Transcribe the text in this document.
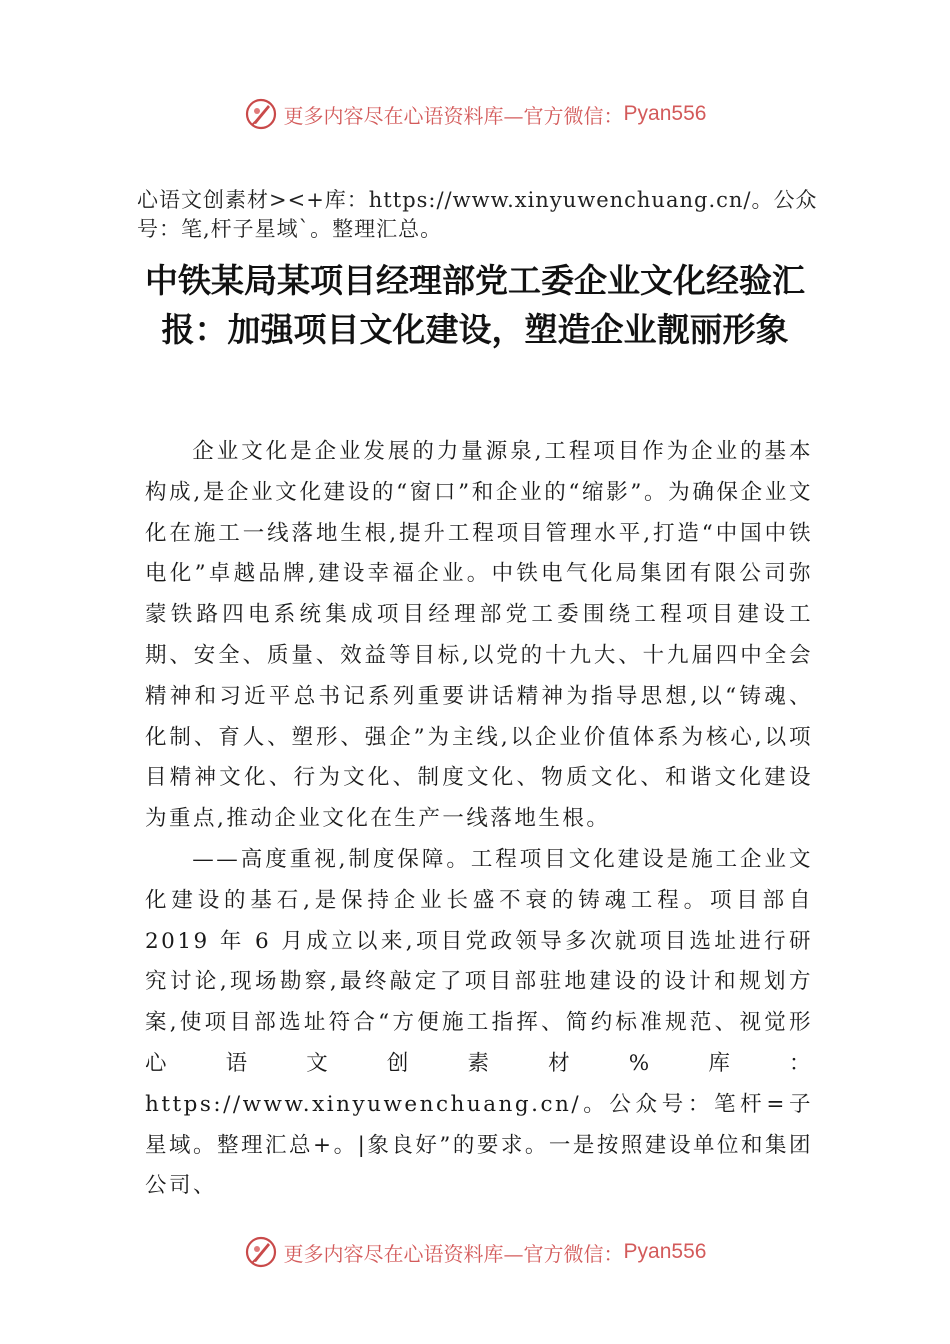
更多内容尽在心语资料库—官方微信： Pyan556
心语文创素材><+库：https://www.xinyuwenchuang.cn/。公众号：笔,杆子星域`。整理汇总。
中铁某局某项目经理部党工委企业文化经验汇报：加强项目文化建设，塑造企业靓丽形象

企业文化是企业发展的力量源泉,工程项目作为企业的基本构成,是企业文化建设的“窗口”和企业的“缩影”。为确保企业文化在施工一线落地生根,提升工程项目管理水平,打造“中国中铁电化”卓越品牌,建设幸福企业。中铁电气化局集团有限公司弥蒙铁路四电系统集成项目经理部党工委围绕工程项目建设工期、安全、质量、效益等目标,以党的十九大、十九届四中全会精神和习近平总书记系列重要讲话精神为指导思想,以“铸魂、化制、育人、塑形、强企”为主线,以企业价值体系为核心,以项目精神文化、行为文化、制度文化、物质文化、和谐文化建设为重点,推动企业文化在生产一线落地生根。

——高度重视,制度保障。工程项目文化建设是施工企业文化建设的基石,是保持企业长盛不衰的铸魂工程。项目部自2019 年 6 月成立以来,项目党政领导多次就项目选址进行研究讨论,现场勘察,最终敲定了项目部驻地建设的设计和规划方案,使项目部选址符合“方便施工指挥、简约标准规范、视觉形心语文创素材%库：https://www.xinyuwenchuang.cn/。公众号：笔杆=子星域。整理汇总+。|象良好”的要求。一是按照建设单位和集团公司、

更多内容尽在心语资料库—官方微信： Pyan556
